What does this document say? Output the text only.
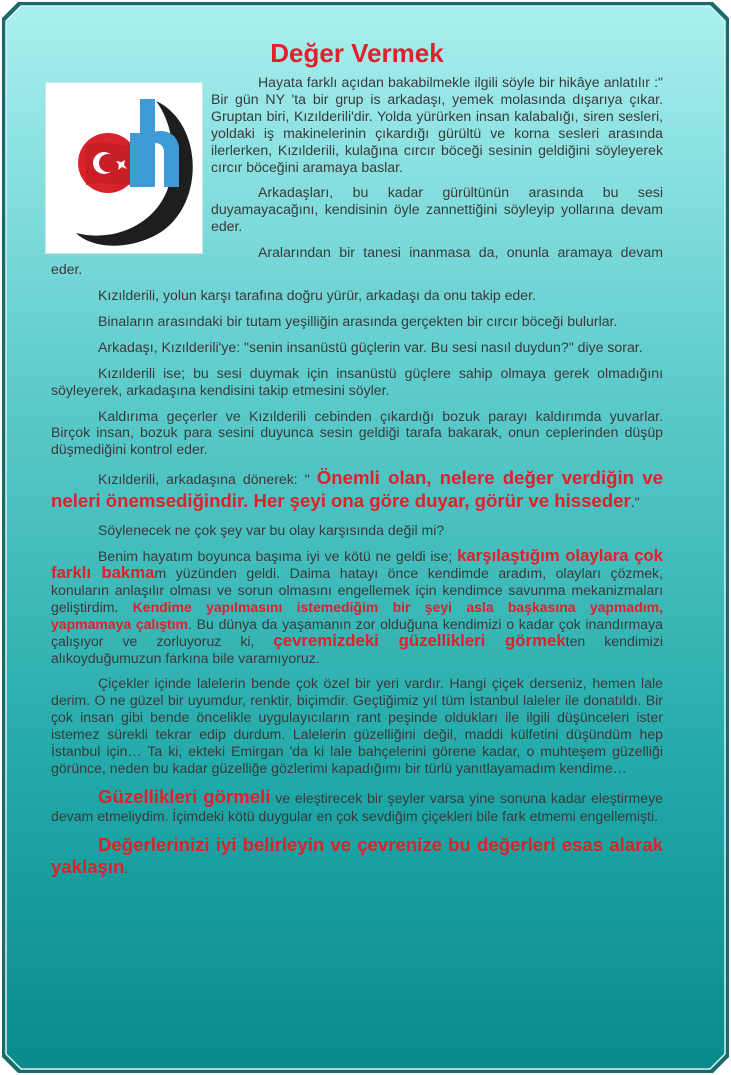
Değer Vermek

Hayata farklı açıdan bakabilmekle ilgili söyle bir hikâye anlatılır :" Bir gün NY 'ta bir grup is arkadaşı, yemek molasında dışarıya çıkar. Gruptan biri, Kızılderili'dir. Yolda yürürken insan kalabalığı, siren sesleri, yoldaki iş makinelerinin çıkardığı gürültü ve korna sesleri arasında ilerlerken, Kızılderili, kulağına cırcır böceği sesinin geldiğini söyleyerek cırcır böceğini aramaya baslar.

Arkadaşları, bu kadar gürültünün arasında bu sesi duyamayacağını, kendisinin öyle zannettiğini söyleyip yollarına devam eder.

Aralarından bir tanesi inanmasa da, onunla aramaya devam eder.

Kızılderili, yolun karşı tarafına doğru yürür, arkadaşı da onu takip eder.

Binaların arasındaki bir tutam yeşilliğin arasında gerçekten bir cırcır böceği bulurlar.

Arkadaşı, Kızılderili'ye: "senin insanüstü güçlerin var. Bu sesi nasıl duydun?" diye sorar.

Kızılderili ise; bu sesi duymak için insanüstü güçlere sahip olmaya gerek olmadığını söyleyerek, arkadaşına kendisini takip etmesini söyler.

Kaldırıma geçerler ve Kızılderili cebinden çıkardığı bozuk parayı kaldırımda yuvarlar. Birçok insan, bozuk para sesini duyunca sesin geldiği tarafa bakarak, onun ceplerinden düşüp düşmediğini kontrol eder.

Kızılderili, arkadaşına dönerek: " Önemli olan, nelere değer verdiğin ve neleri önemsediğindir. Her şeyi ona göre duyar, görür ve hisseder."

Söylenecek ne çok şey var bu olay karşısında değil mi?

Benim hayatım boyunca başıma iyi ve kötü ne geldi ise; karşılaştığım olaylara çok farklı bakmam yüzünden geldi. Daima hatayı önce kendimde aradım, olayları çözmek, konuların anlaşılır olması ve sorun olmasını engellemek için kendimce savunma mekanizmaları geliştirdim. Kendime yapılmasını istemediğim bir şeyi asla başkasına yapmadım, yapmamaya çalıştım. Bu dünya da yaşamanın zor olduğuna kendimizi o kadar çok inandırmaya çalışıyor ve zorluyoruz ki, çevremizdeki güzellikleri görmekten kendimizi alıkoyduğumuzun farkına bile varamıyoruz.

Çiçekler içinde lalelerin bende çok özel bir yeri vardır. Hangi çiçek derseniz, hemen lale derim. O ne güzel bir uyumdur, renktir, biçimdir. Geçtiğimiz yıl tüm İstanbul laleler ile donatıldı. Bir çok insan gibi bende öncelikle uygulayıcıların rant peşinde oldukları ile ilgili düşünceleri ister istemez sürekli tekrar edip durdum. Lalelerin güzelliğini değil, maddi külfetini düşündüm hep İstanbul için… Ta ki, ekteki Emirgan 'da ki lale bahçelerini görene kadar, o muhteşem güzelliği görünce, neden bu kadar güzelliğe gözlerimi kapadığımı bir türlü yanıtlayamadım kendime…

Güzellikleri görmeli ve eleştirecek bir şeyler varsa yine sonuna kadar eleştirmeye devam etmeliydim. İçimdeki kötü duygular en çok sevdiğim çiçekleri bile fark etmemi engellemişti.

Değerlerinizi iyi belirleyin ve çevrenize bu değerleri esas alarak yaklaşın.
